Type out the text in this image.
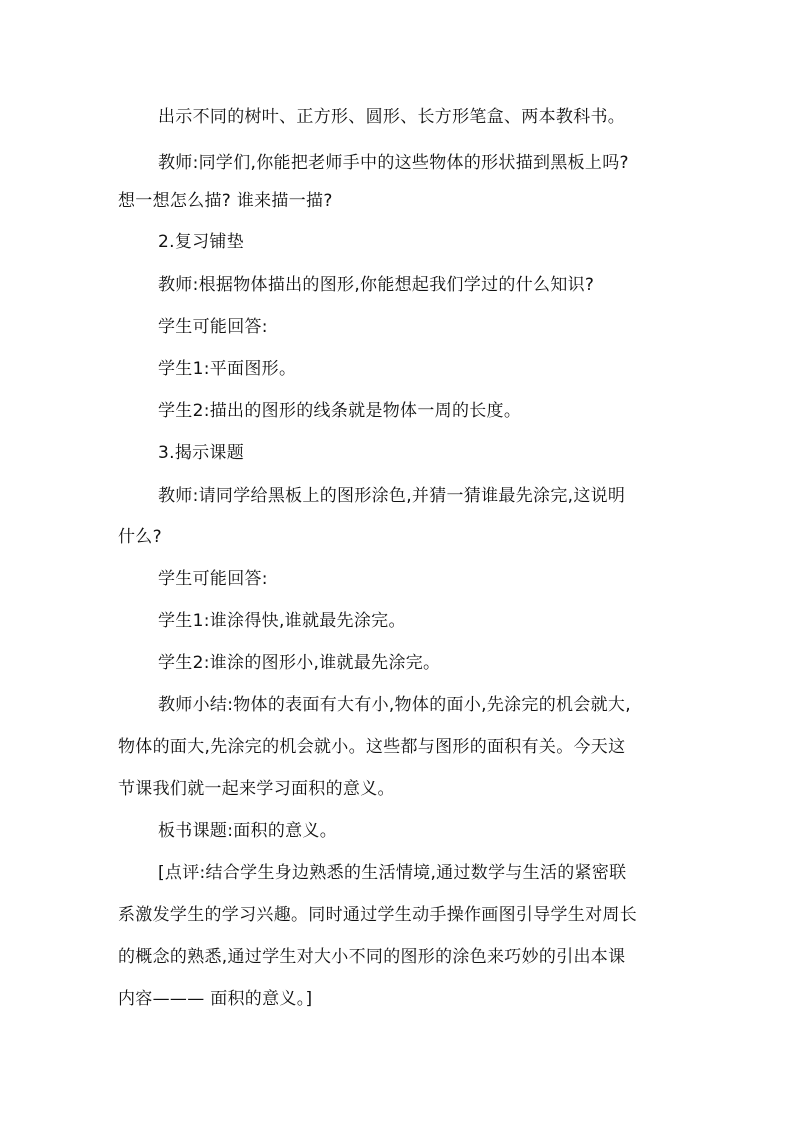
出示不同的树叶、正方形、圆形、长方形笔盒、两本教科书。
教师:同学们,你能把老师手中的这些物体的形状描到黑板上吗?
想一想怎么描? 谁来描一描?
2.复习铺垫
教师:根据物体描出的图形,你能想起我们学过的什么知识?
学生可能回答:
学生1:平面图形。
学生2:描出的图形的线条就是物体一周的长度。
3.揭示课题
教师:请同学给黑板上的图形涂色,并猜一猜谁最先涂完,这说明
什么?
学生可能回答:
学生1:谁涂得快,谁就最先涂完。
学生2:谁涂的图形小,谁就最先涂完。
教师小结:物体的表面有大有小,物体的面小,先涂完的机会就大,
物体的面大,先涂完的机会就小。这些都与图形的面积有关。今天这
节课我们就一起来学习面积的意义。
板书课题:面积的意义。
[点评:结合学生身边熟悉的生活情境,通过数学与生活的紧密联
系激发学生的学习兴趣。同时通过学生动手操作画图引导学生对周长
的概念的熟悉,通过学生对大小不同的图形的涂色来巧妙的引出本课
内容——— 面积的意义。]
